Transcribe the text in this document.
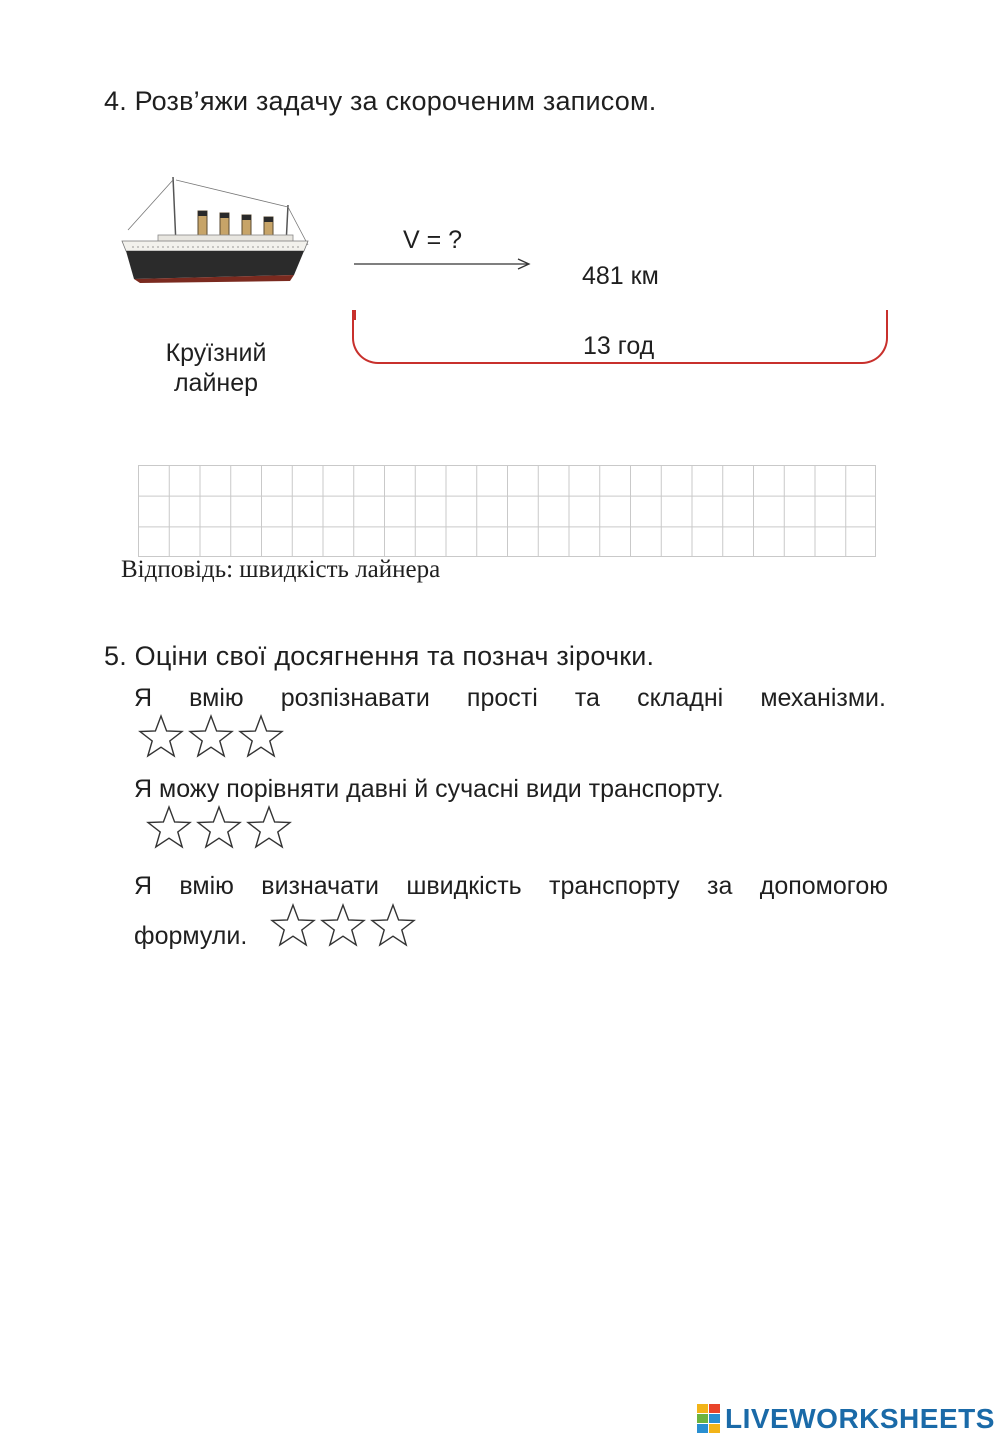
4. Розв’яжи задачу за скороченим записом.
Круїзний
лайнер
V = ?
481 км
13 год
Відповідь: швидкість лайнера
5. Оціни свої досягнення та познач зірочки.
Я вмію розпізнавати прості та складні механізми.
Я можу порівняти давні й сучасні види транспорту.
Я вмію визначати швидкість транспорту за допомогою
формули.
LIVEWORKSHEETS
